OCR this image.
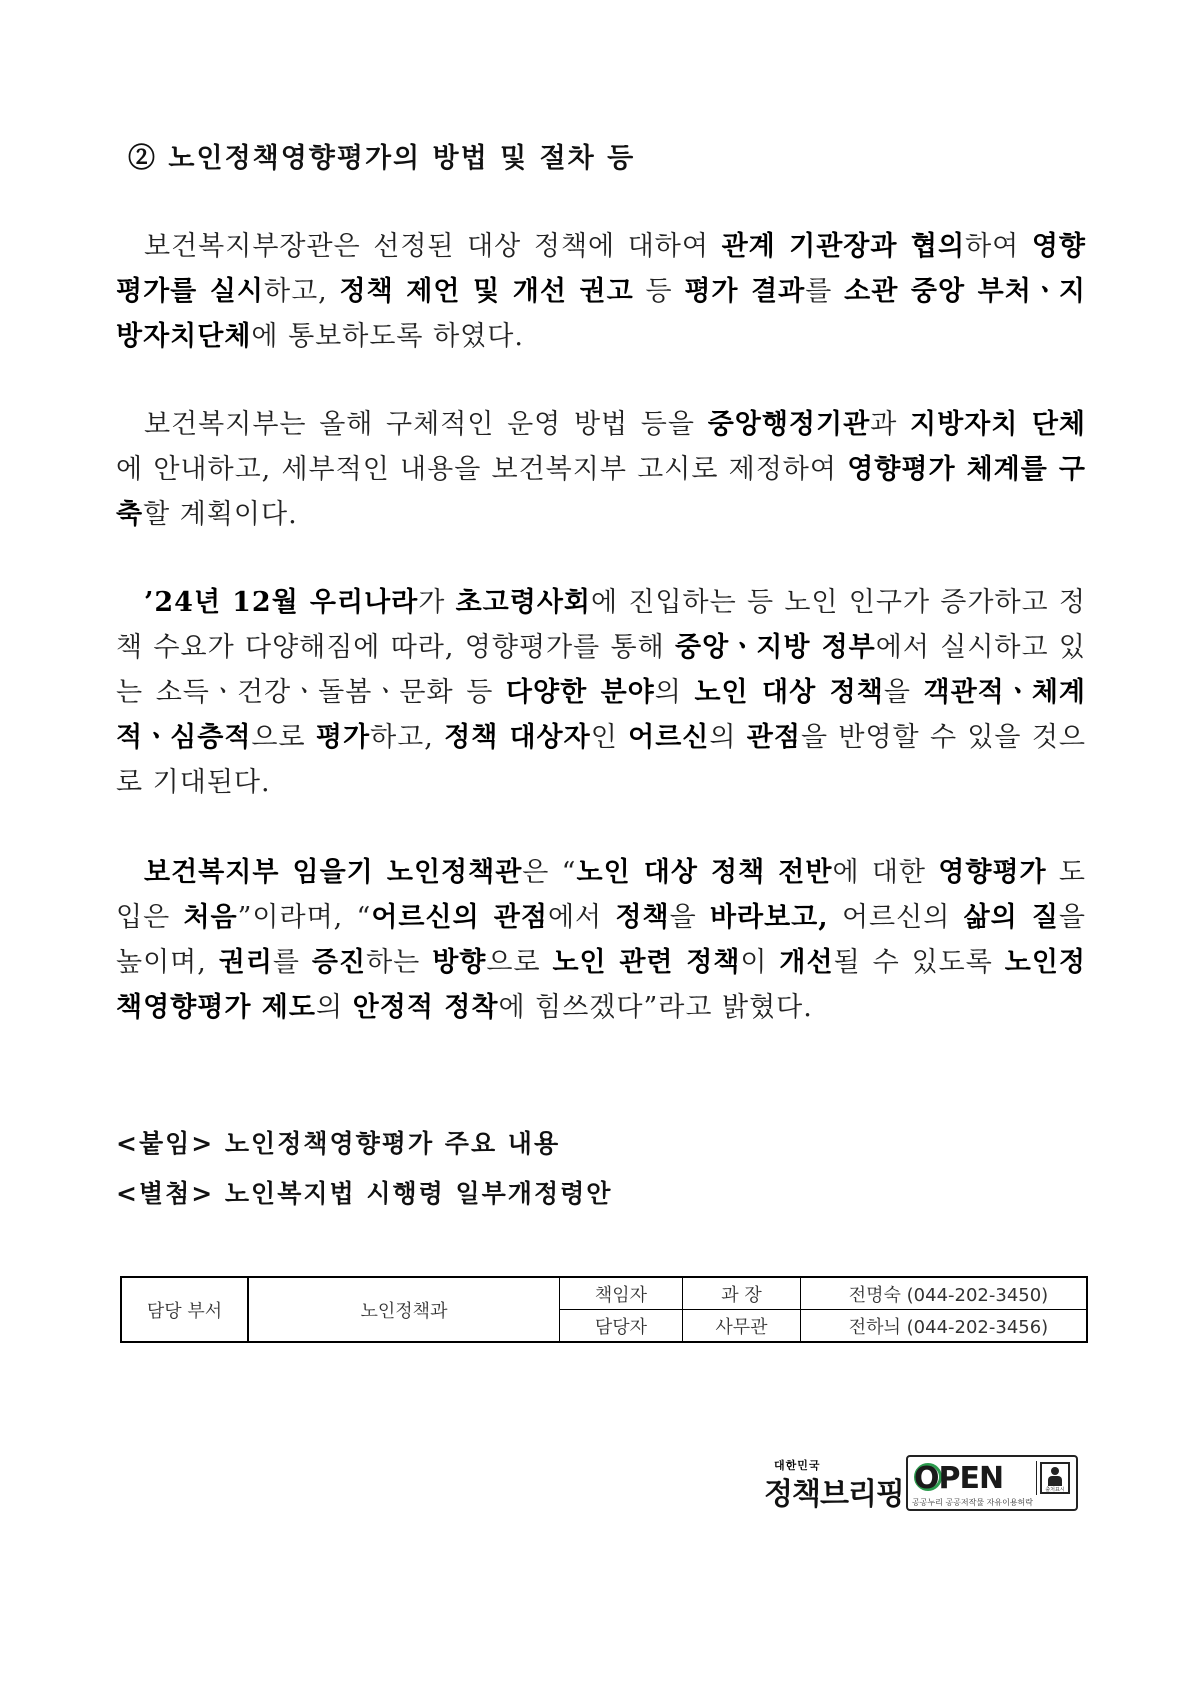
② 노인정책영향평가의 방법 및 절차 등
보건복지부장관은 선정된 대상 정책에 대하여 관계 기관장과 협의하여 영향평가를 실시하고, 정책 제언 및 개선 권고 등 평가 결과를 소관 중앙 부처ㆍ지방자치단체에 통보하도록 하였다.
보건복지부는 올해 구체적인 운영 방법 등을 중앙행정기관과 지방자치 단체에 안내하고, 세부적인 내용을 보건복지부 고시로 제정하여 영향평가 체계를 구축할 계획이다.
’24년 12월 우리나라가 초고령사회에 진입하는 등 노인 인구가 증가하고 정책 수요가 다양해짐에 따라, 영향평가를 통해 중앙ㆍ지방 정부에서 실시하고 있는 소득ㆍ건강ㆍ돌봄ㆍ문화 등 다양한 분야의 노인 대상 정책을 객관적ㆍ체계적ㆍ심층적으로 평가하고, 정책 대상자인 어르신의 관점을 반영할 수 있을 것으로 기대된다.
보건복지부 임을기 노인정책관은 “노인 대상 정책 전반에 대한 영향평가 도입은 처음”이라며, “어르신의 관점에서 정책을 바라보고, 어르신의 삶의 질을 높이며, 권리를 증진하는 방향으로 노인 관련 정책이 개선될 수 있도록 노인정책영향평가 제도의 안정적 정착에 힘쓰겠다”라고 밝혔다.
<붙임> 노인정책영향평가 주요 내용
<별첨> 노인복지법 시행령 일부개정령안
담당 부서	노인정책과	책임자	과 장	전명숙 (044-202-3450)
		담당자	사무관	전하늬 (044-202-3456)
대한민국
정책브리핑 OPEN	출처표시
공공누리 공공저작물 자유이용허락
